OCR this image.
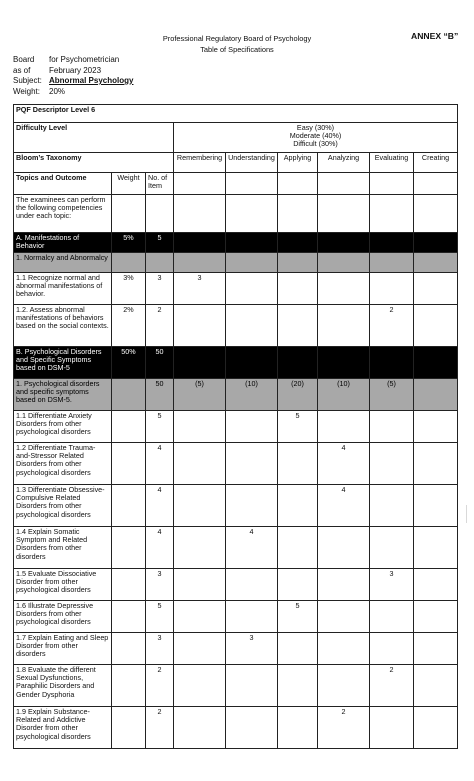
Professional Regulatory Board of Psychology
Table of Specifications
ANNEX “B”
Board for Psychometrician
as of February 2023
Subject: Abnormal Psychology
Weight: 20%
PQF Descriptor Level 6								
Difficulty Level			Easy (30%)
Moderate (40%)
Difficult (30%)					

Bloom’s Taxonomy			Remembering	Understanding	Applying	Analyzing	Evaluating	Creating
Topics and Outcome	Weight	No. of Item						
The examinees can perform the following competencies under each topic:								
A. Manifestations of Behavior	5%	5						
1. Normalcy and Abnormalcy								
1.1 Recognize normal and abnormal manifestations of behavior.	3%	3	3					
1.2. Assess abnormal manifestations of behaviors based on the social contexts.	2%	2					2	
B. Psychological Disorders and Specific Symptoms based on DSM-5	50%	50						
1. Psychological disorders and specific symptoms based on DSM-5.		50	(5)	(10)	(20)	(10)	(5)	
1.1 Differentiate Anxiety Disorders from other psychological disorders		5			5			
1.2 Differentiate Trauma-and-Stressor Related Disorders from other psychological disorders		4				4		
1.3 Differentiate Obsessive-Compulsive Related Disorders from other psychological disorders		4				4		
1.4 Explain Somatic Symptom and Related Disorders from other disorders		4		4				
1.5 Evaluate Dissociative Disorder from other psychological disorders		3					3	
1.6 Illustrate Depressive Disorders from other psychological disorders		5			5			
1.7 Explain Eating and Sleep Disorder from other disorders		3		3				
1.8 Evaluate the different Sexual Dysfunctions, Paraphilic Disorders and Gender Dysphoria		2					2	
1.9 Explain Substance-Related and Addictive Disorder from other psychological disorders		2				2		
